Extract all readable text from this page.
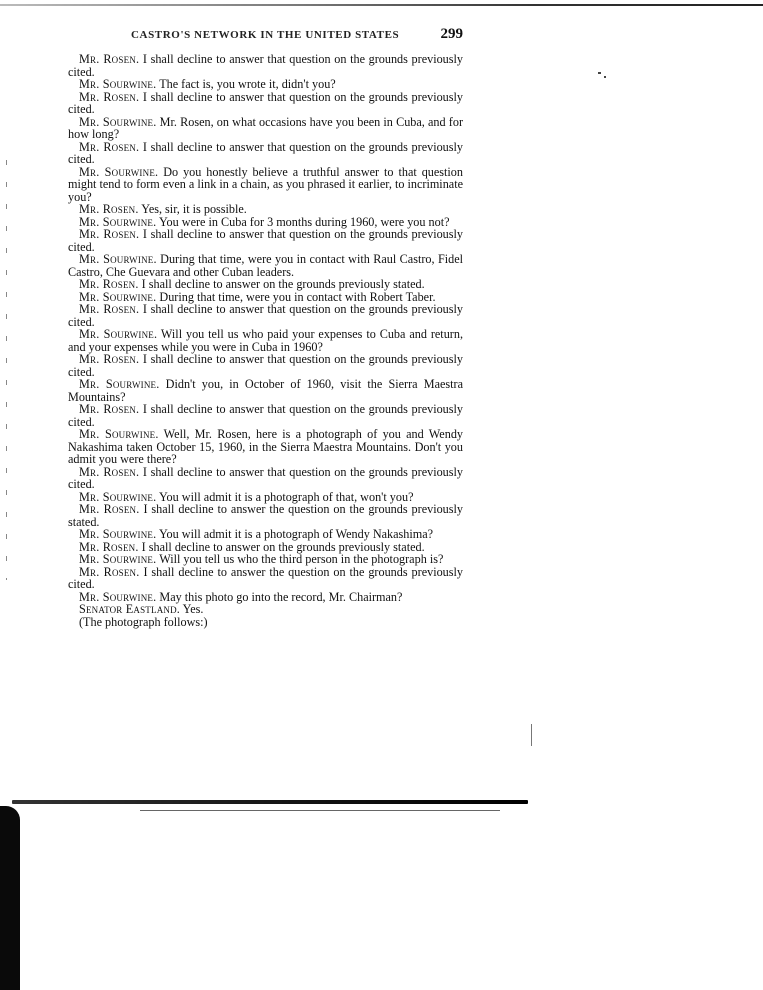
CASTRO'S NETWORK IN THE UNITED STATES	299

Mr. Rosen. I shall decline to answer that question on the grounds previously cited.

Mr. Sourwine. The fact is, you wrote it, didn't you?

Mr. Rosen. I shall decline to answer that question on the grounds previously cited.

Mr. Sourwine. Mr. Rosen, on what occasions have you been in Cuba, and for how long?

Mr. Rosen. I shall decline to answer that question on the grounds previously cited.

Mr. Sourwine. Do you honestly believe a truthful answer to that question might tend to form even a link in a chain, as you phrased it earlier, to incriminate you?

Mr. Rosen. Yes, sir, it is possible.

Mr. Sourwine. You were in Cuba for 3 months during 1960, were you not?

Mr. Rosen. I shall decline to answer that question on the grounds previously cited.

Mr. Sourwine. During that time, were you in contact with Raul Castro, Fidel Castro, Che Guevara and other Cuban leaders.

Mr. Rosen. I shall decline to answer on the grounds previously stated.

Mr. Sourwine. During that time, were you in contact with Robert Taber.

Mr. Rosen. I shall decline to answer that question on the grounds previously cited.

Mr. Sourwine. Will you tell us who paid your expenses to Cuba and return, and your expenses while you were in Cuba in 1960?

Mr. Rosen. I shall decline to answer that question on the grounds previously cited.

Mr. Sourwine. Didn't you, in October of 1960, visit the Sierra Maestra Mountains?

Mr. Rosen. I shall decline to answer that question on the grounds previously cited.

Mr. Sourwine. Well, Mr. Rosen, here is a photograph of you and Wendy Nakashima taken October 15, 1960, in the Sierra Maestra Mountains. Don't you admit you were there?

Mr. Rosen. I shall decline to answer that question on the grounds previously cited.

Mr. Sourwine. You will admit it is a photograph of that, won't you?

Mr. Rosen. I shall decline to answer the question on the grounds previously stated.

Mr. Sourwine. You will admit it is a photograph of Wendy Nakashima?

Mr. Rosen. I shall decline to answer on the grounds previously stated.

Mr. Sourwine. Will you tell us who the third person in the photograph is?

Mr. Rosen. I shall decline to answer the question on the grounds previously cited.

Mr. Sourwine. May this photo go into the record, Mr. Chairman?

Senator Eastland. Yes.

(The photograph follows:)
